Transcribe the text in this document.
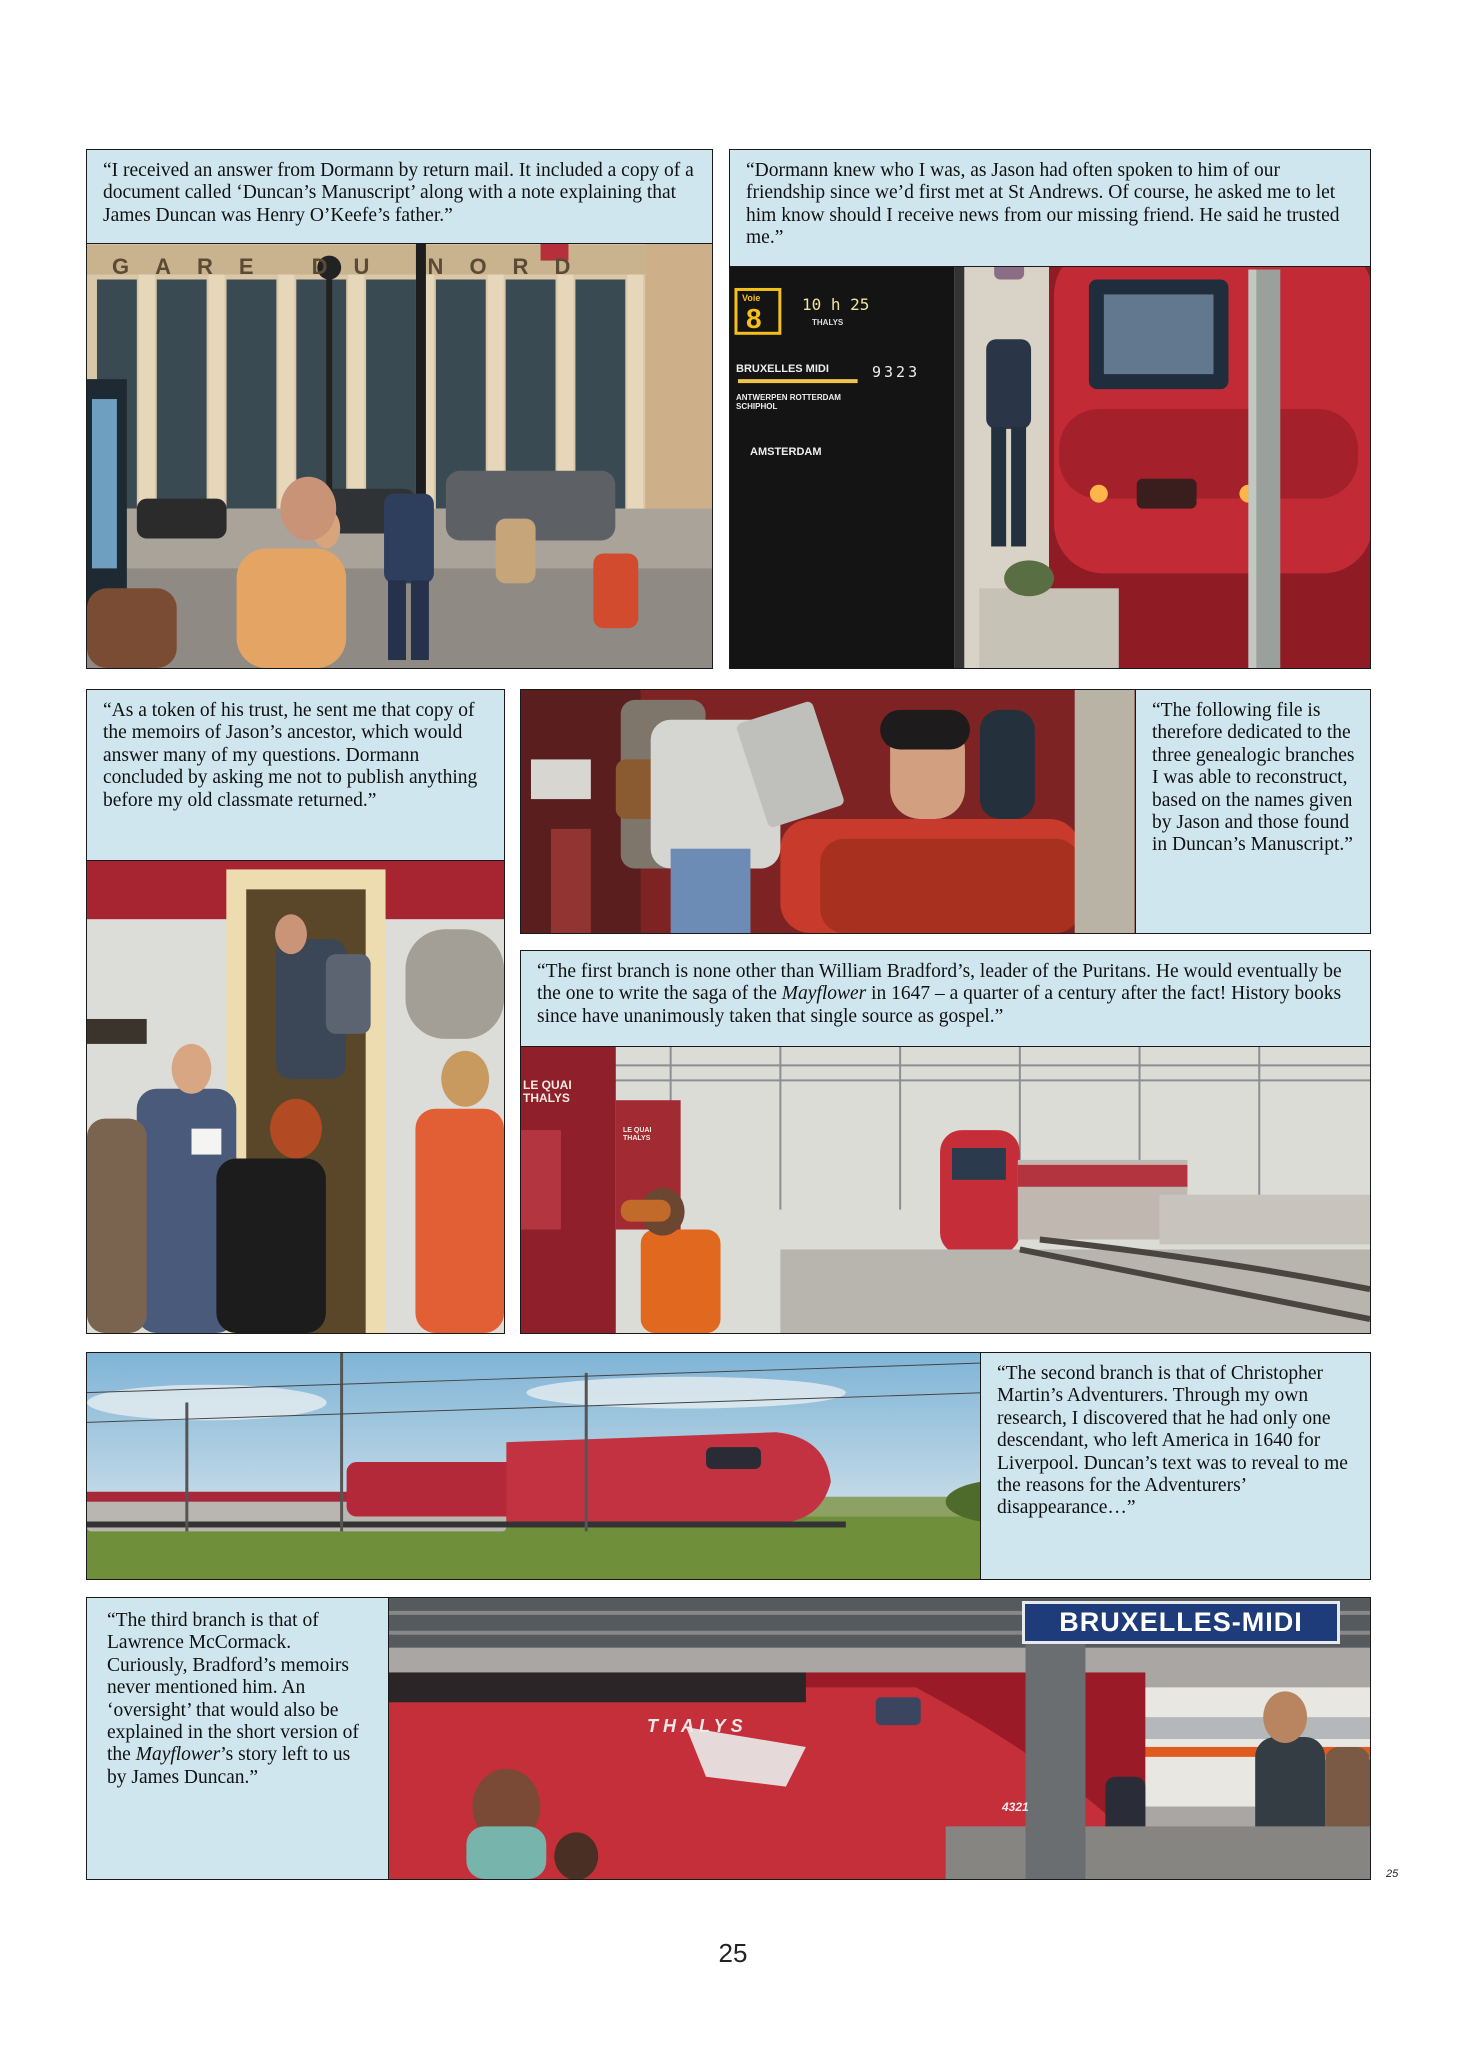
GARE DU NORD
“I received an answer from Dormann by return mail. It included a copy of a document called ‘Duncan’s Manuscript’ along with a note explaining that James Duncan was Henry O’Keefe’s father.”
Voie
8	10 h 25
THALYS
BRUXELLES MIDI	9323
ANTWERPEN ROTTERDAM SCHIPHOL
AMSTERDAM
“Dormann knew who I was, as Jason had often spoken to him of our friendship since we’d first met at St Andrews. Of course, he asked me to let him know should I receive news from our missing friend. He said he trusted me.”
“As a token of his trust, he sent me that copy of the memoirs of Jason’s ancestor, which would answer many of my questions. Dormann concluded by asking me not to publish anything before my old classmate returned.”
“The following file is therefore dedicated to the three genealogic branches I was able to reconstruct, based on the names given by Jason and those found in Duncan’s Manuscript.”
LE QUAI THALYS
LE QUAI THALYS
“The first branch is none other than William Bradford’s, leader of the Puritans. He would eventually be the one to write the saga of the Mayflower in 1647 – a quarter of a century after the fact! History books since have unanimously taken that single source as gospel.”
“The second branch is that of Christopher Martin’s Adventurers. Through my own research, I discovered that he had only one descendant, who left America in 1640 for Liverpool. Duncan’s text was to reveal to me the reasons for the Adventurers’ disappearance…”
BRUXELLES-MIDI
THALYS
4321
“The third branch is that of Lawrence McCormack. Curiously, Bradford’s memoirs never mentioned him. An ‘oversight’ that would also be explained in the short version of the Mayflower’s story left to us by James Duncan.”
25
25
